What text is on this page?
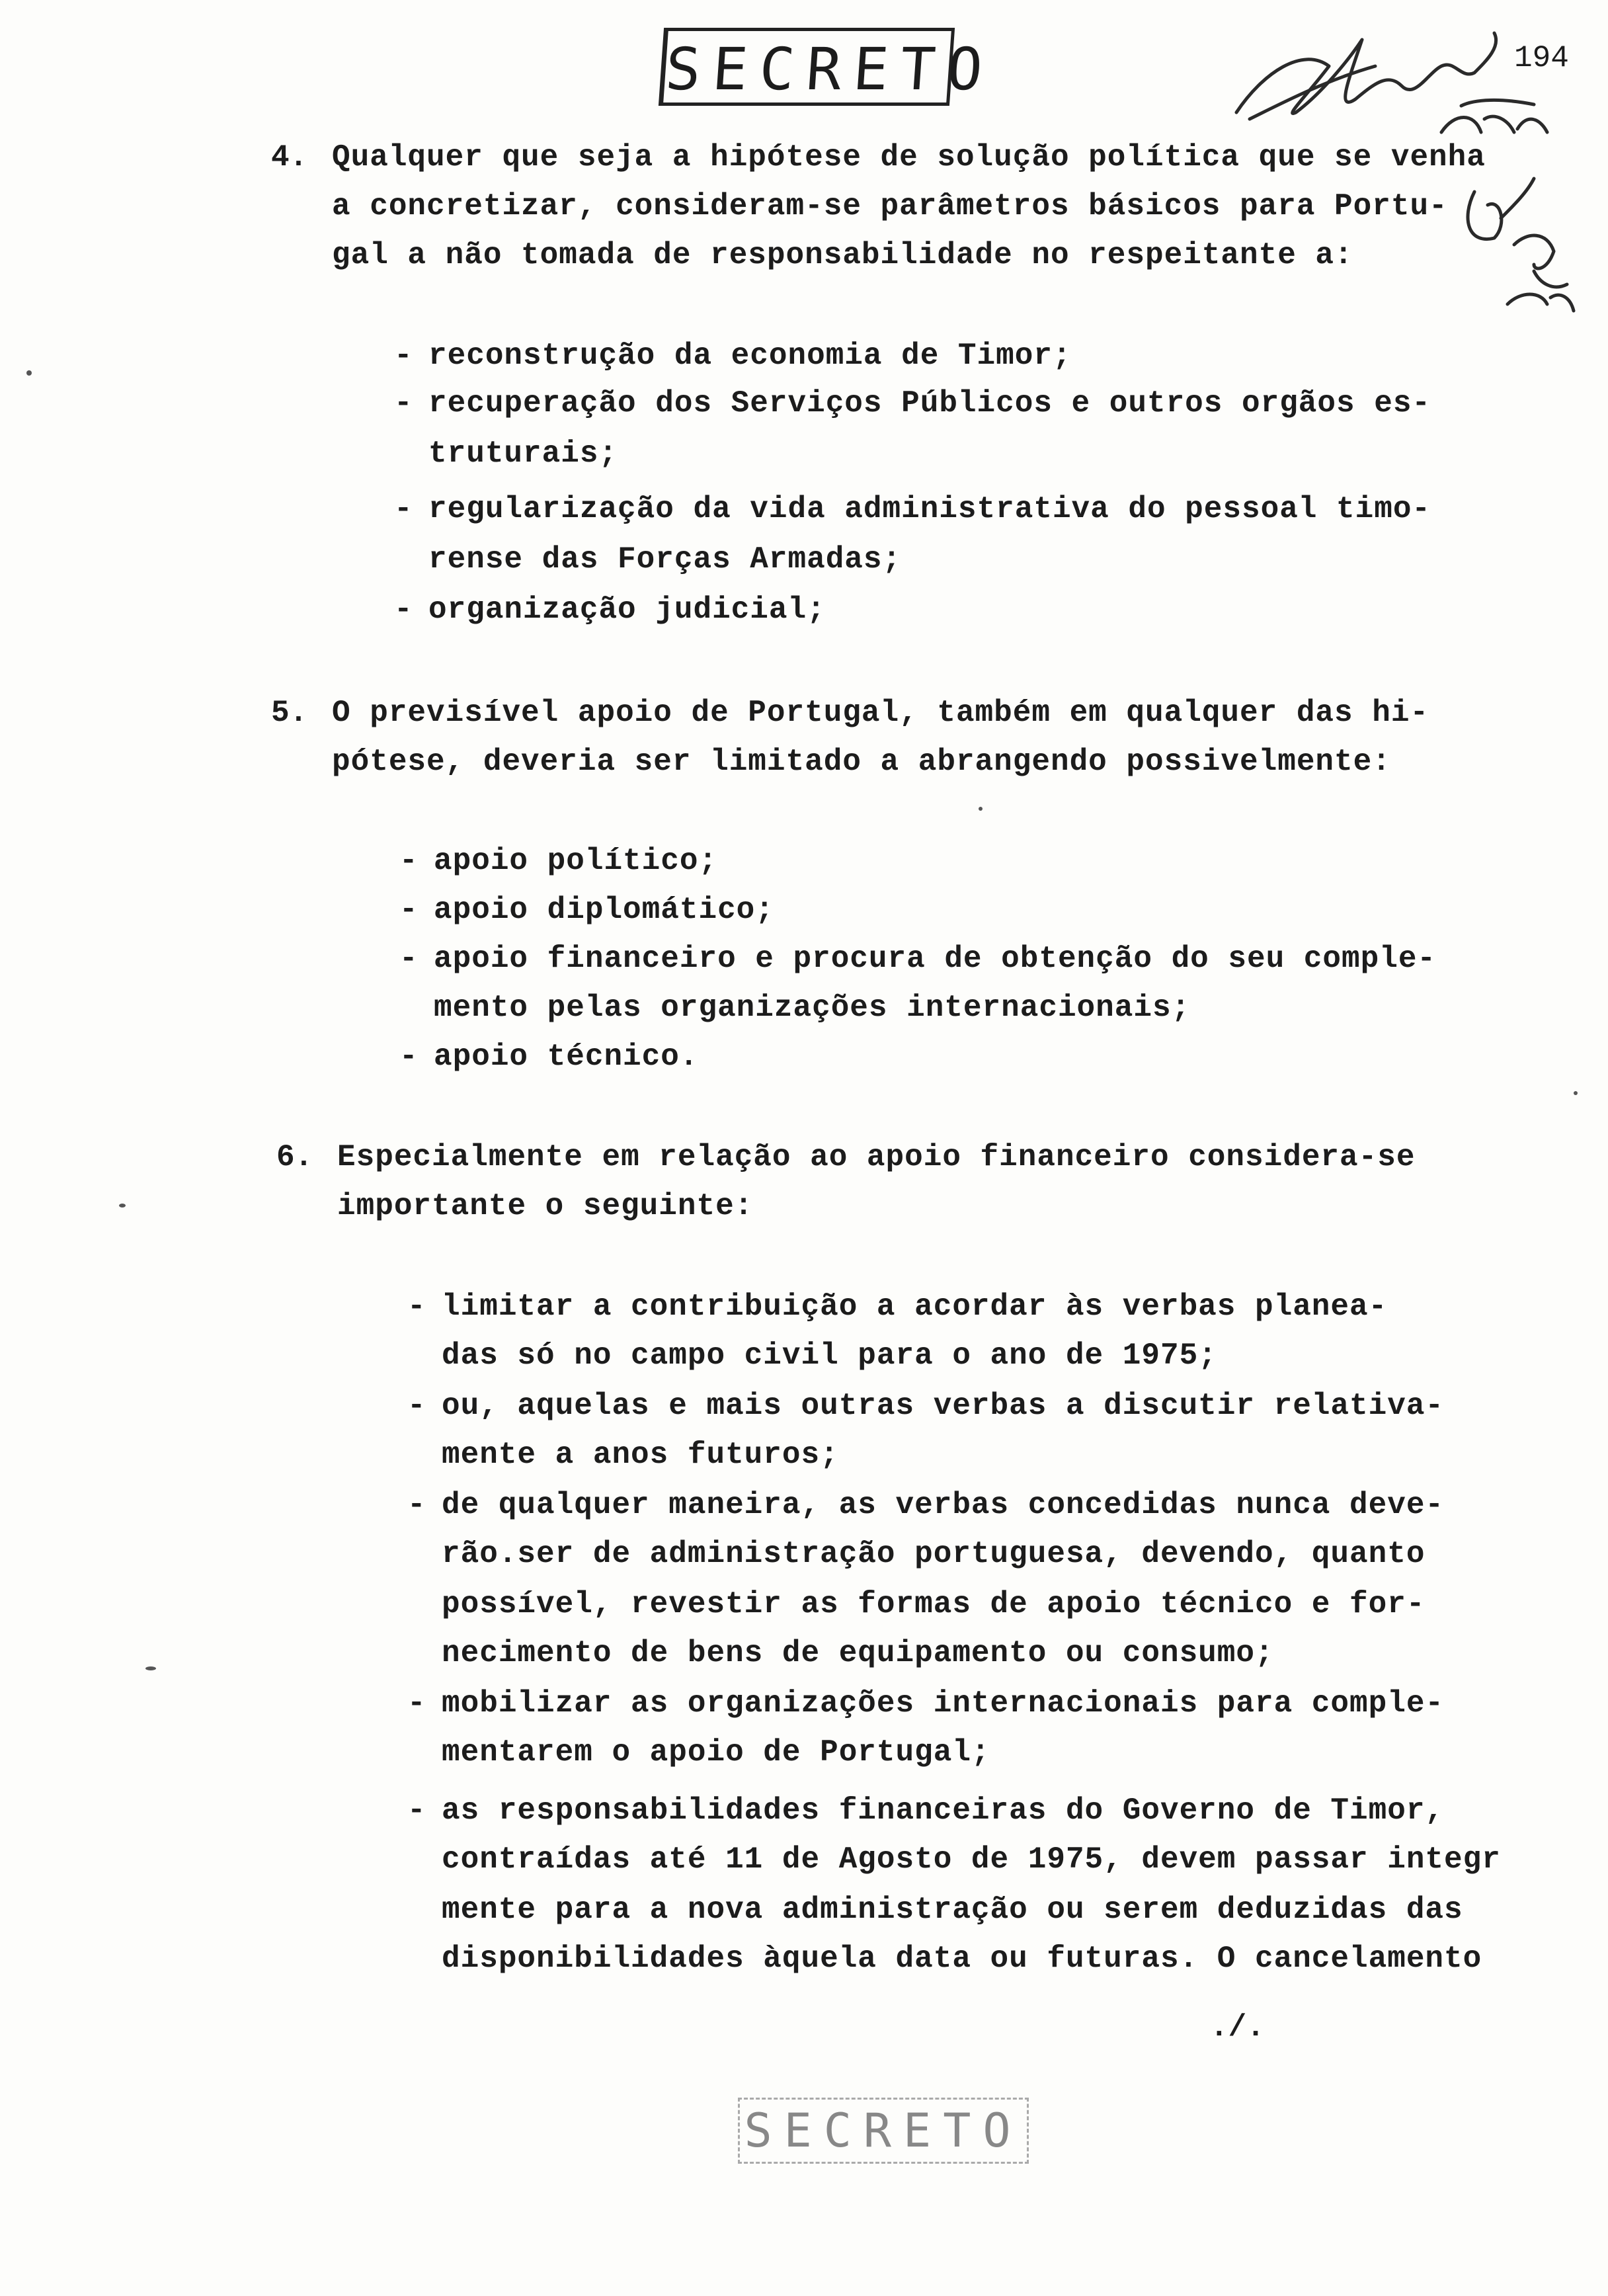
SECRETO	194
4. Qualquer que seja a hipótese de solução política que se venha
a concretizar, consideram-se parâmetros básicos para Portu-
gal a não tomada de responsabilidade no respeitante a:
- reconstrução da economia de Timor;
- recuperação dos Serviços Públicos e outros orgãos es-
truturais;
- regularização da vida administrativa do pessoal timo-
rense das Forças Armadas;
- organização judicial;
5. O previsível apoio de Portugal, também em qualquer das hi-
pótese, deveria ser limitado a abrangendo possivelmente:
- apoio político;
- apoio diplomático;
- apoio financeiro e procura de obtenção do seu comple-
mento pelas organizações internacionais;
- apoio técnico.
6. Especialmente em relação ao apoio financeiro considera-se
importante o seguinte:
- limitar a contribuição a acordar às verbas planea-
das só no campo civil para o ano de 1975;
- ou, aquelas e mais outras verbas a discutir relativa-
mente a anos futuros;
- de qualquer maneira, as verbas concedidas nunca deve-
rão.ser de administração portuguesa, devendo, quanto
possível, revestir as formas de apoio técnico e for-
necimento de bens de equipamento ou consumo;
- mobilizar as organizações internacionais para comple-
mentarem o apoio de Portugal;
- as responsabilidades financeiras do Governo de Timor,
contraídas até 11 de Agosto de 1975, devem passar integr
mente para a nova administração ou serem deduzidas das
disponibilidades àquela data ou futuras. O cancelamento
./.
SECRETO
